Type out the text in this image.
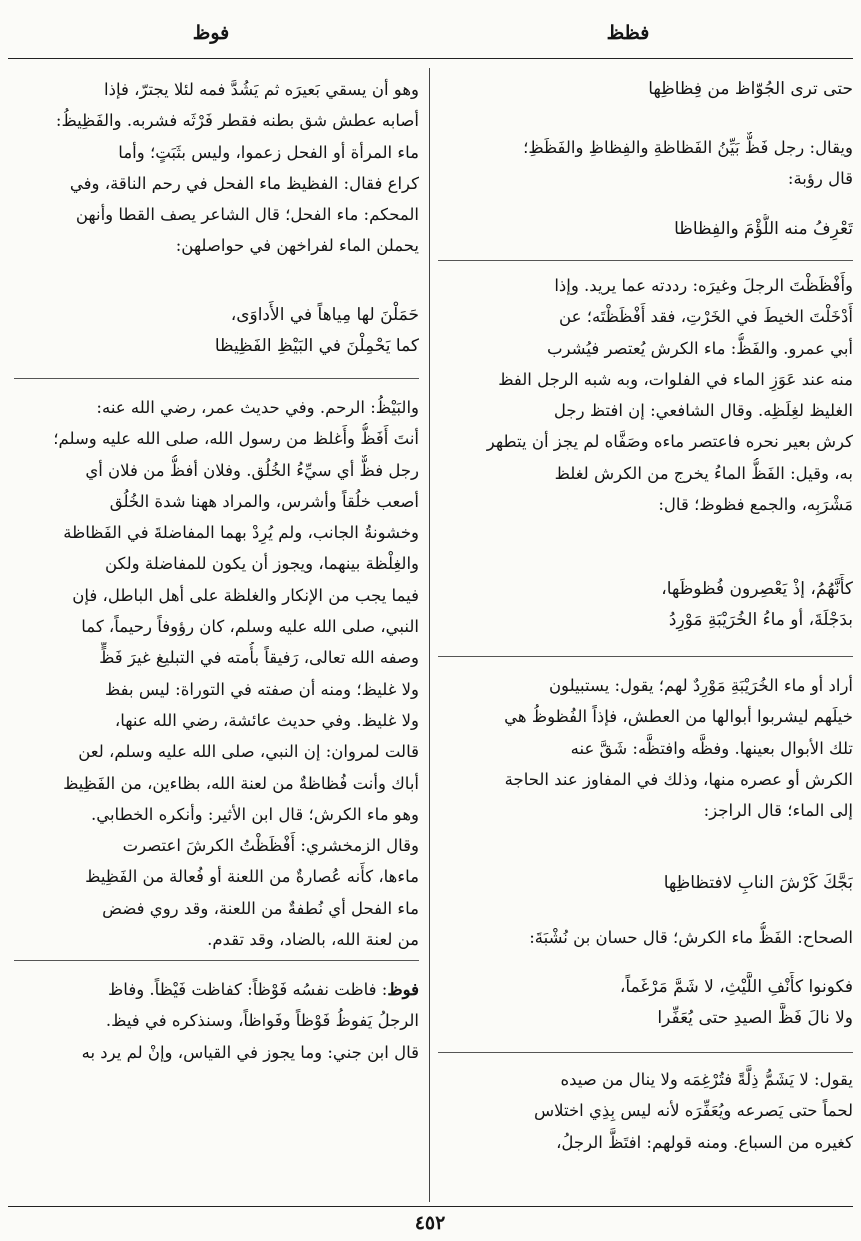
فظظ
فوظ
حتى ترى الجُوّاظ من فِظاظِها
ويقال: رجل فَظٌّ بَيِّنُ الفَظاظةِ والفِظاظِ والفَظَظِ؛
قال رؤبة:
تَعْرِفُ منه اللُّؤْمَ والفِظاظا
وأَفْظَظْتَ الرجلَ وغيرَه: رددته عما يريد. وإذا
أَدْخَلْتَ الخيطَ في الخَرْتِ، فقد أَفْظَظْتَه؛ عن
أبي عمرو. والفَظُّ: ماء الكرش يُعتصر فيُشرب
منه عند عَوَزِ الماء في الفلوات، وبه شبه الرجل الفظ
الغليظ لغِلَظِه. وقال الشافعي: إن افتظ رجل
كرش بعير نحره فاعتصر ماءه وصَفَّاه لم يجز أن يتطهر
به، وقيل: الفَظُّ الماءُ يخرج من الكرش لغلظ
مَشْرَبِه، والجمع فظوظ؛ قال:
كأَنَّهُمُ، إذْ يَعْصِرون فُظوظَها،
بدَجْلَةَ، أو ماءُ الخُرَيْبَةِ مَوْرِدُ
أراد أو ماء الخُرَيْبَةِ مَوْرِدٌ لهم؛ يقول: يستبيلون
خيلَهم ليشربوا أبوالها من العطش، فإذاً الفُظوظُ هي
تلك الأبوال بعينها. وفظَّه وافتظَّه: شَقَّ عنه
الكرش أو عصره منها، وذلك في المفاوز عند الحاجة
إلى الماء؛ قال الراجز:
بَجَّكَ كَرْشَ النابِ لافتظاظِها
الصحاح: الفَظُّ ماء الكرش؛ قال حسان بن نُشْبَةَ:
فكونوا كأَنْفِ اللَّيْثِ، لا شَمَّ مَرْغَماً،
ولا نالَ فَظَّ الصيدِ حتى يُعَفِّرا
يقول: لا يَشَمُّ ذِلَّةً فتُرْغِمَه ولا ينال من صيده
لحماً حتى يَصرعه ويُعَفِّرَه لأنه ليس بِذِي اختلاس
كغيره من السباع. ومنه قولهم: افتَظَّ الرجلُ،
وهو أن يسقي بَعيرَه ثم يَشُدَّ فمه لئلا يجترّ، فإذا
أصابه عطش شق بطنه فقطر فَرْثَه فشربه. والفَظِيظُ:
ماء المرأة أو الفحل زعموا، وليس بثَبَتٍ؛ وأما
كراع فقال: الفظيظ ماء الفحل في رحم الناقة، وفي
المحكم: ماء الفحل؛ قال الشاعر يصف القطا وأنهن
يحملن الماء لفراخهن في حواصلهن:
حَمَلْنَ لها مِياهاً في الأَداوَى،
كما يَحْمِلْنَ في البَيْظِ الفَظِيظا
والبَيْظُ: الرحم. وفي حديث عمر، رضي الله عنه:
أنتَ أَفَظُّ وأَغلظ من رسول الله، صلى الله عليه وسلم؛
رجل فظٌّ أي سيِّءُ الخُلُق. وفلان أفظُّ من فلان أي
أصعب خلُقاً وأشرس، والمراد ههنا شدة الخُلُق
وخشونةُ الجانب، ولم يُرِدْ بهما المفاضلةَ في الفَظاظة
والغِلْظة بينهما، ويجوز أن يكون للمفاضلة ولكن
فيما يجب من الإنكار والغلظة على أهل الباطل، فإن
النبي، صلى الله عليه وسلم، كان رؤوفاً رحيماً، كما
وصفه الله تعالى، رَفيقاً بأُمته في التبليغ غيرَ فَظٍّ
ولا غليظ؛ ومنه أن صفته في التوراة: ليس بفظ
ولا غليظ. وفي حديث عائشة، رضي الله عنها،
قالت لمروان: إن النبي، صلى الله عليه وسلم، لعن
أباك وأنت فُظاظةٌ من لعنة الله، بظاءين، من الفَظِيظ
وهو ماء الكرش؛ قال ابن الأثير: وأنكره الخطابي.
وقال الزمخشري: أَفْظَظْتُ الكرشَ اعتصرت
ماءها، كأَنه عُصارةٌ من اللعنة أو فُعالة من الفَظِيظ
ماء الفحل أي نُطفةٌ من اللعنة، وقد روي فضض
من لعنة الله، بالضاد، وقد تقدم.
فوظ: فاظت نفسُه فَوْظاً: كفاظت فَيْظاً. وفاظ
الرجلُ يَفوظُ فَوْظاً وفَواظاً، وسنذكره في فيظ.
قال ابن جني: وما يجوز في القياس، وإنْ لم يرد به
٤٥٢
